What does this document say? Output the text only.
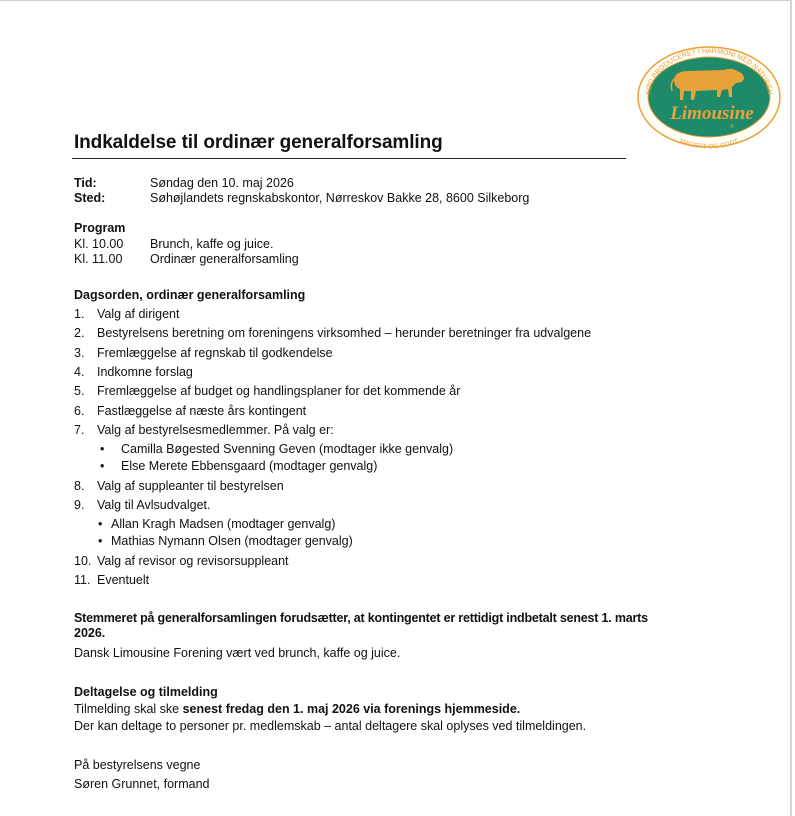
KØD PRODUCERET I HARMONI MED NATUREN
MAGERT OG GODT
Limousine
®
Indkaldelse til ordinær generalforsamling
Tid:	Søndag den 10. maj 2026
Sted:	Søhøjlandets regnskabskontor, Nørreskov Bakke 28, 8600 Silkeborg
Program
Kl. 10.00 Brunch, kaffe og juice.
Kl. 11.00 Ordinær generalforsamling
Dagsorden, ordinær generalforsamling
1. Valg af dirigent
2. Bestyrelsens beretning om foreningens virksomhed – herunder beretninger fra udvalgene
3. Fremlæggelse af regnskab til godkendelse
4. Indkomne forslag
5. Fremlæggelse af budget og handlingsplaner for det kommende år
6. Fastlæggelse af næste års kontingent
7. Valg af bestyrelsesmedlemmer. På valg er:
• Camilla Bøgested Svenning Geven (modtager ikke genvalg)
• Else Merete Ebbensgaard (modtager genvalg)
8. Valg af suppleanter til bestyrelsen
9. Valg til Avlsudvalget.
• Allan Kragh Madsen (modtager genvalg)
• Mathias Nymann Olsen (modtager genvalg)
10. Valg af revisor og revisorsuppleant
11. Eventuelt
Stemmeret på generalforsamlingen forudsætter, at kontingentet er rettidigt indbetalt senest 1. marts
2026.
Dansk Limousine Forening vært ved brunch, kaffe og juice.
Deltagelse og tilmelding
Tilmelding skal ske senest fredag den 1. maj 2026 via forenings hjemmeside.
Der kan deltage to personer pr. medlemskab – antal deltagere skal oplyses ved tilmeldingen.
På bestyrelsens vegne
Søren Grunnet, formand
